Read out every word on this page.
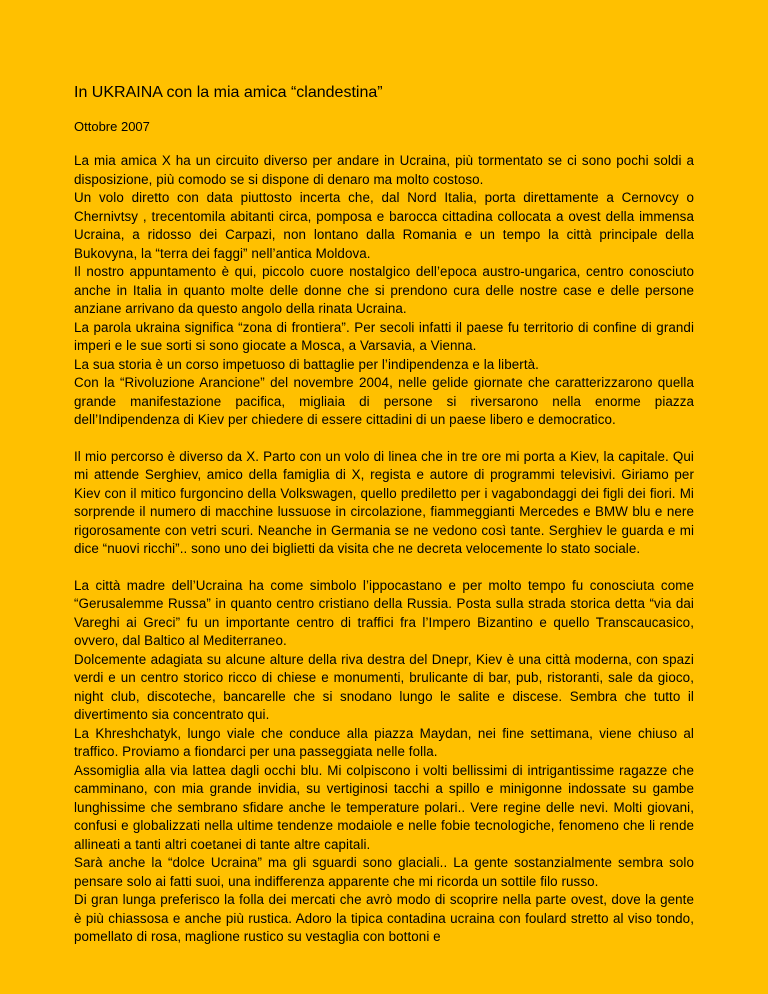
In UKRAINA con la mia amica “clandestina”
Ottobre 2007
La mia amica X ha un circuito diverso per andare in Ucraina, più tormentato se ci sono pochi soldi a disposizione, più comodo se si dispone di denaro ma molto costoso.
Un volo diretto con data piuttosto incerta che, dal Nord Italia, porta direttamente a Cernovcy o Chernivtsy , trecentomila abitanti circa, pomposa e barocca cittadina collocata a ovest della immensa Ucraina, a ridosso dei Carpazi, non lontano dalla Romania e un tempo la città principale della Bukovyna, la “terra dei faggi” nell’antica Moldova.
Il nostro appuntamento è qui, piccolo cuore nostalgico dell’epoca austro-ungarica, centro conosciuto anche in Italia in quanto molte delle donne che si prendono cura delle nostre case e delle persone anziane arrivano da questo angolo della rinata Ucraina.
La parola ukraina significa “zona di frontiera”. Per secoli infatti il paese fu territorio di confine di grandi imperi e le sue sorti si sono giocate a Mosca, a Varsavia, a Vienna.
La sua storia è un corso impetuoso di battaglie per l’indipendenza e la libertà.
Con la “Rivoluzione Arancione” del novembre 2004, nelle gelide giornate che caratterizzarono quella grande manifestazione pacifica, migliaia di persone si riversarono nella enorme piazza dell’Indipendenza di Kiev per chiedere di essere cittadini di un paese libero e democratico.
Il mio percorso è diverso da X. Parto con un volo di linea che in tre ore mi porta a Kiev, la capitale. Qui mi attende Serghiev, amico della famiglia di X, regista e autore di programmi televisivi. Giriamo per Kiev con il mitico furgoncino della Volkswagen, quello prediletto per i vagabondaggi dei figli dei fiori. Mi sorprende il numero di macchine lussuose in circolazione, fiammeggianti Mercedes e BMW blu e nere rigorosamente con vetri scuri. Neanche in Germania se ne vedono così tante. Serghiev le guarda e mi dice “nuovi ricchi”.. sono uno dei biglietti da visita che ne decreta velocemente lo stato sociale.
La città madre dell’Ucraina ha come simbolo l’ippocastano e per molto tempo fu conosciuta come “Gerusalemme Russa” in quanto centro cristiano della Russia. Posta sulla strada storica detta “via dai Vareghi ai Greci” fu un importante centro di traffici fra l’Impero Bizantino e quello Transcaucasico, ovvero, dal Baltico al Mediterraneo.
Dolcemente adagiata su alcune alture della riva destra del Dnepr, Kiev è una città moderna, con spazi verdi e un centro storico ricco di chiese e monumenti, brulicante di bar, pub, ristoranti, sale da gioco, night club, discoteche, bancarelle che si snodano lungo le salite e discese. Sembra che tutto il divertimento sia concentrato qui.
La Khreshchatyk, lungo viale che conduce alla piazza Maydan, nei fine settimana, viene chiuso al traffico. Proviamo a fiondarci per una passeggiata nelle folla.
Assomiglia alla via lattea dagli occhi blu. Mi colpiscono i volti bellissimi di intrigantissime ragazze che camminano, con mia grande invidia, su vertiginosi tacchi a spillo e minigonne indossate su gambe lunghissime che sembrano sfidare anche le temperature polari.. Vere regine delle nevi. Molti giovani, confusi e globalizzati nella ultime tendenze modaiole e nelle fobie tecnologiche, fenomeno che li rende allineati a tanti altri coetanei di tante altre capitali.
Sarà anche la “dolce Ucraina” ma gli sguardi sono glaciali.. La gente sostanzialmente sembra solo pensare solo ai fatti suoi, una indifferenza apparente che mi ricorda un sottile filo russo.
Di gran lunga preferisco la folla dei mercati che avrò modo di scoprire nella parte ovest, dove la gente è più chiassosa e anche più rustica. Adoro la tipica contadina ucraina con foulard stretto al viso tondo, pomellato di rosa, maglione rustico su vestaglia con bottoni e
